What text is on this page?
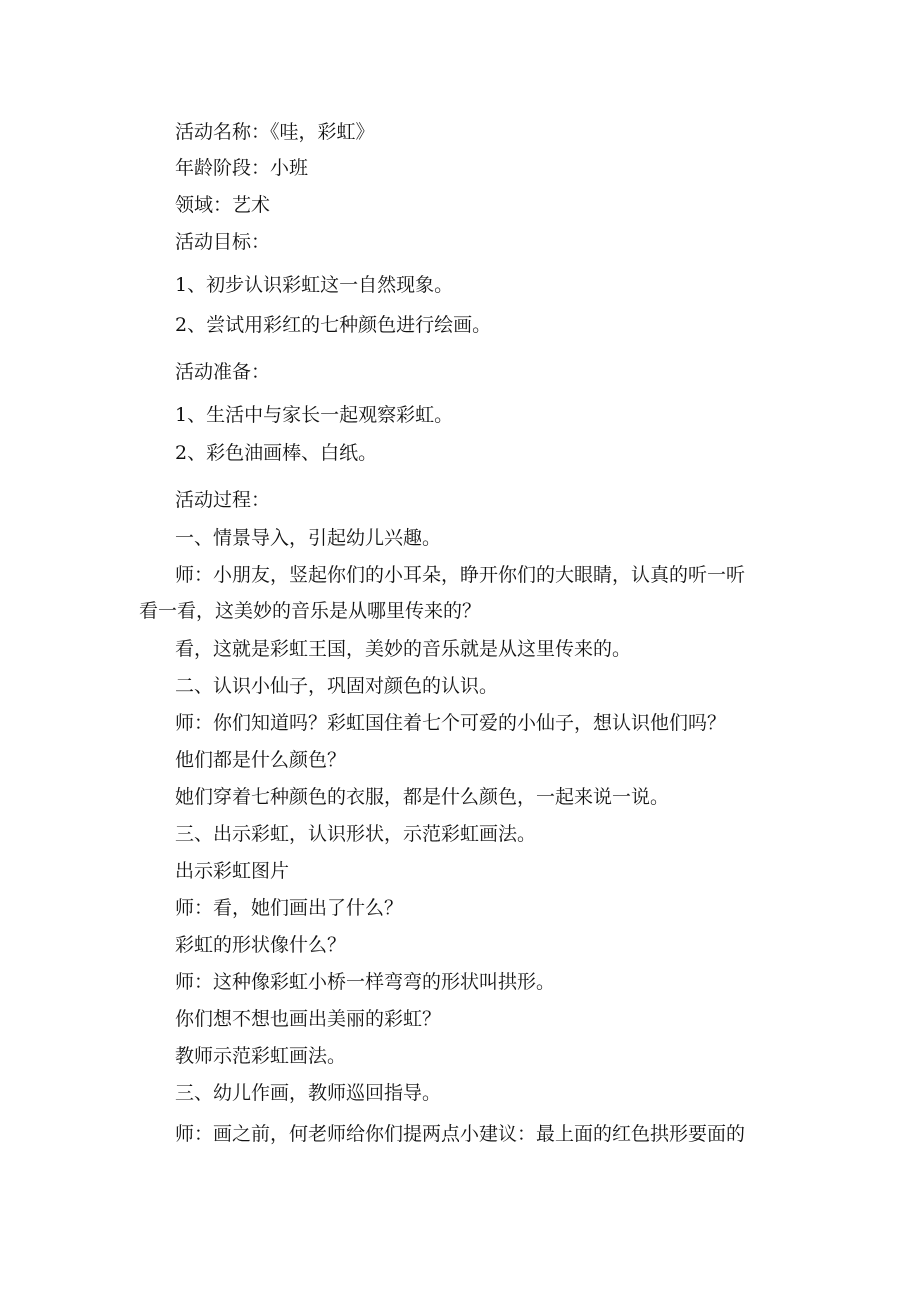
活动名称：《哇，彩虹》
年龄阶段：小班
领域：艺术
活动目标：
1、初步认识彩虹这一自然现象。
2、尝试用彩红的七种颜色进行绘画。
活动准备：
1、生活中与家长一起观察彩虹。
2、彩色油画棒、白纸。
活动过程：
一、情景导入，引起幼儿兴趣。
师：小朋友，竖起你们的小耳朵，睁开你们的大眼睛，认真的听一听
看一看，这美妙的音乐是从哪里传来的？
看，这就是彩虹王国，美妙的音乐就是从这里传来的。
二、认识小仙子，巩固对颜色的认识。
师：你们知道吗？彩虹国住着七个可爱的小仙子，想认识他们吗？
他们都是什么颜色？
她们穿着七种颜色的衣服，都是什么颜色，一起来说一说。
三、出示彩虹，认识形状，示范彩虹画法。
出示彩虹图片
师：看，她们画出了什么？
彩虹的形状像什么？
师：这种像彩虹小桥一样弯弯的形状叫拱形。
你们想不想也画出美丽的彩虹？
教师示范彩虹画法。
三、幼儿作画，教师巡回指导。
师：画之前，何老师给你们提两点小建议：最上面的红色拱形要面的
